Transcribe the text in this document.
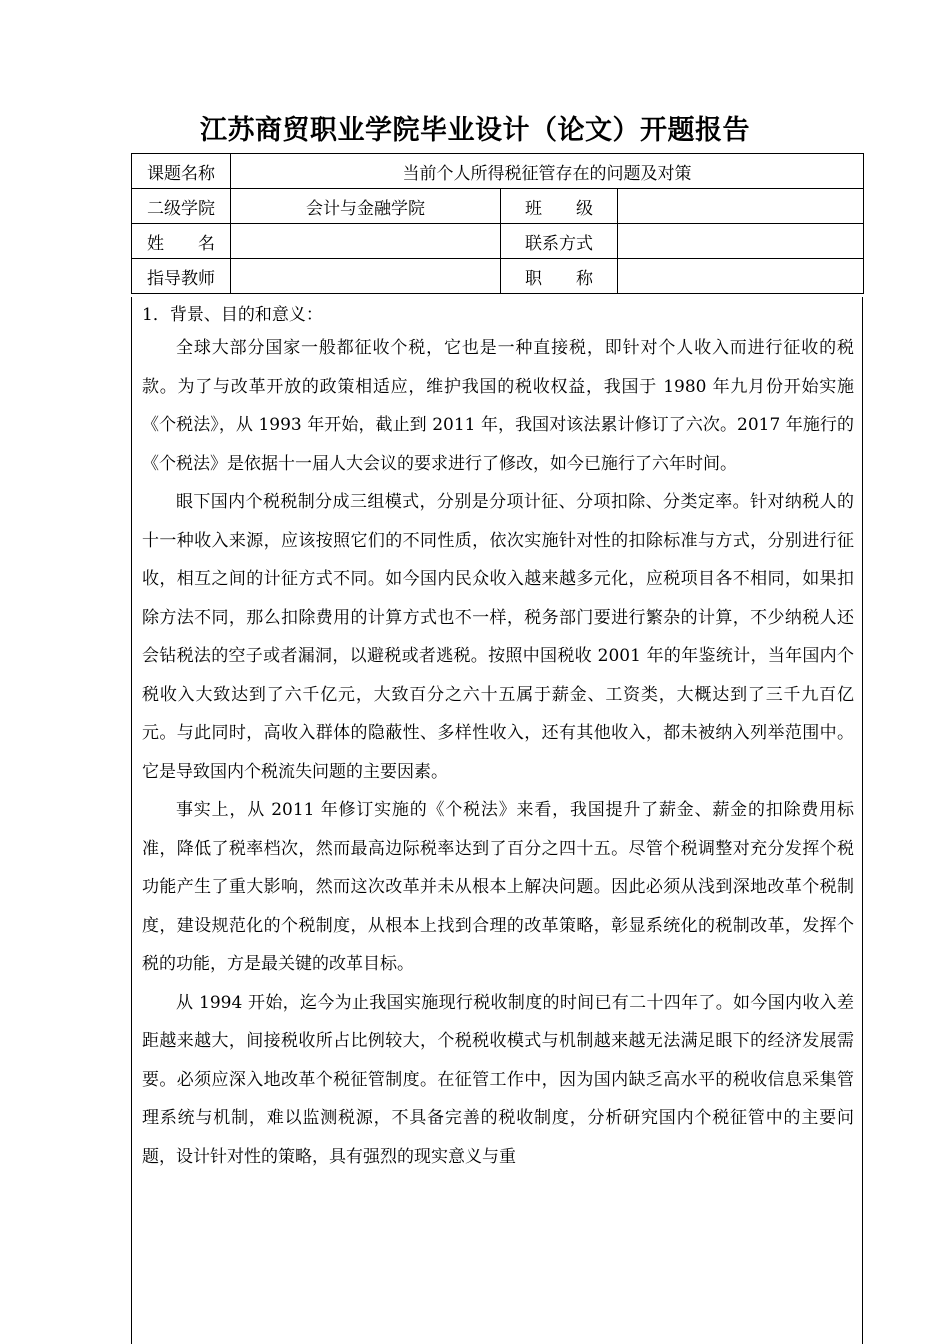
江苏商贸职业学院毕业设计（论文）开题报告
课题名称	当前个人所得税征管存在的问题及对策		
二级学院	会计与金融学院	班　　级	
姓　　名		联系方式	
指导教师		职　　称	

1．背景、目的和意义：

全球大部分国家一般都征收个税，它也是一种直接税，即针对个人收入而进行征收的税款。为了与改革开放的政策相适应，维护我国的税收权益，我国于 1980 年九月份开始实施《个税法》，从 1993 年开始，截止到 2011 年，我国对该法累计修订了六次。2017 年施行的《个税法》是依据十一届人大会议的要求进行了修改，如今已施行了六年时间。

眼下国内个税税制分成三组模式，分别是分项计征、分项扣除、分类定率。针对纳税人的十一种收入来源，应该按照它们的不同性质，依次实施针对性的扣除标准与方式，分别进行征收，相互之间的计征方式不同。如今国内民众收入越来越多元化，应税项目各不相同，如果扣除方法不同，那么扣除费用的计算方式也不一样，税务部门要进行繁杂的计算，不少纳税人还会钻税法的空子或者漏洞，以避税或者逃税。按照中国税收 2001 年的年鉴统计，当年国内个税收入大致达到了六千亿元，大致百分之六十五属于薪金、工资类，大概达到了三千九百亿元。与此同时，高收入群体的隐蔽性、多样性收入，还有其他收入，都未被纳入列举范围中。它是导致国内个税流失问题的主要因素。

事实上，从 2011 年修订实施的《个税法》来看，我国提升了薪金、薪金的扣除费用标准，降低了税率档次，然而最高边际税率达到了百分之四十五。尽管个税调整对充分发挥个税功能产生了重大影响，然而这次改革并未从根本上解决问题。因此必须从浅到深地改革个税制度，建设规范化的个税制度，从根本上找到合理的改革策略，彰显系统化的税制改革，发挥个税的功能，方是最关键的改革目标。

从 1994 开始，迄今为止我国实施现行税收制度的时间已有二十四年了。如今国内收入差距越来越大，间接税收所占比例较大，个税税收模式与机制越来越无法满足眼下的经济发展需要。必须应深入地改革个税征管制度。在征管工作中，因为国内缺乏高水平的税收信息采集管理系统与机制，难以监测税源，不具备完善的税收制度，分析研究国内个税征管中的主要问题，设计针对性的策略，具有强烈的现实意义与重
